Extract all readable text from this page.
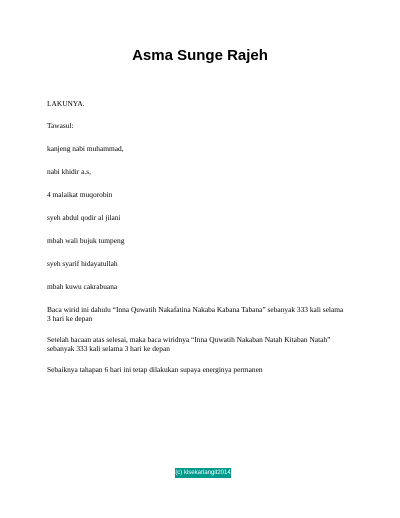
Asma Sunge Rajeh

LAKUNYA.

Tawasul:

kanjeng nabi muhammad,

nabi khidir a.s,

4 malaikat muqorobin

syeh abdul qodir al jilani

mbah wali bujuk tumpeng

syeh syarif hidayatullah

mbah kuwu cakrabuana

Baca wirid ini dahulu “Inna Quwatih Nakafatina Nakaba Kabana Tabana” sebanyak 333 kali selama 3 hari ke depan

Setelah bacaan atas selesai, maka baca wiridnya “Inna Quwatih Nakaban Natah Kitaban Natah” sebanyak 333 kali selama 3 hari ke depan

Sebaiknya tahapan 6 hari ini tetap dilakukan supaya energinya permanen

(c) kisekarlangit2014
